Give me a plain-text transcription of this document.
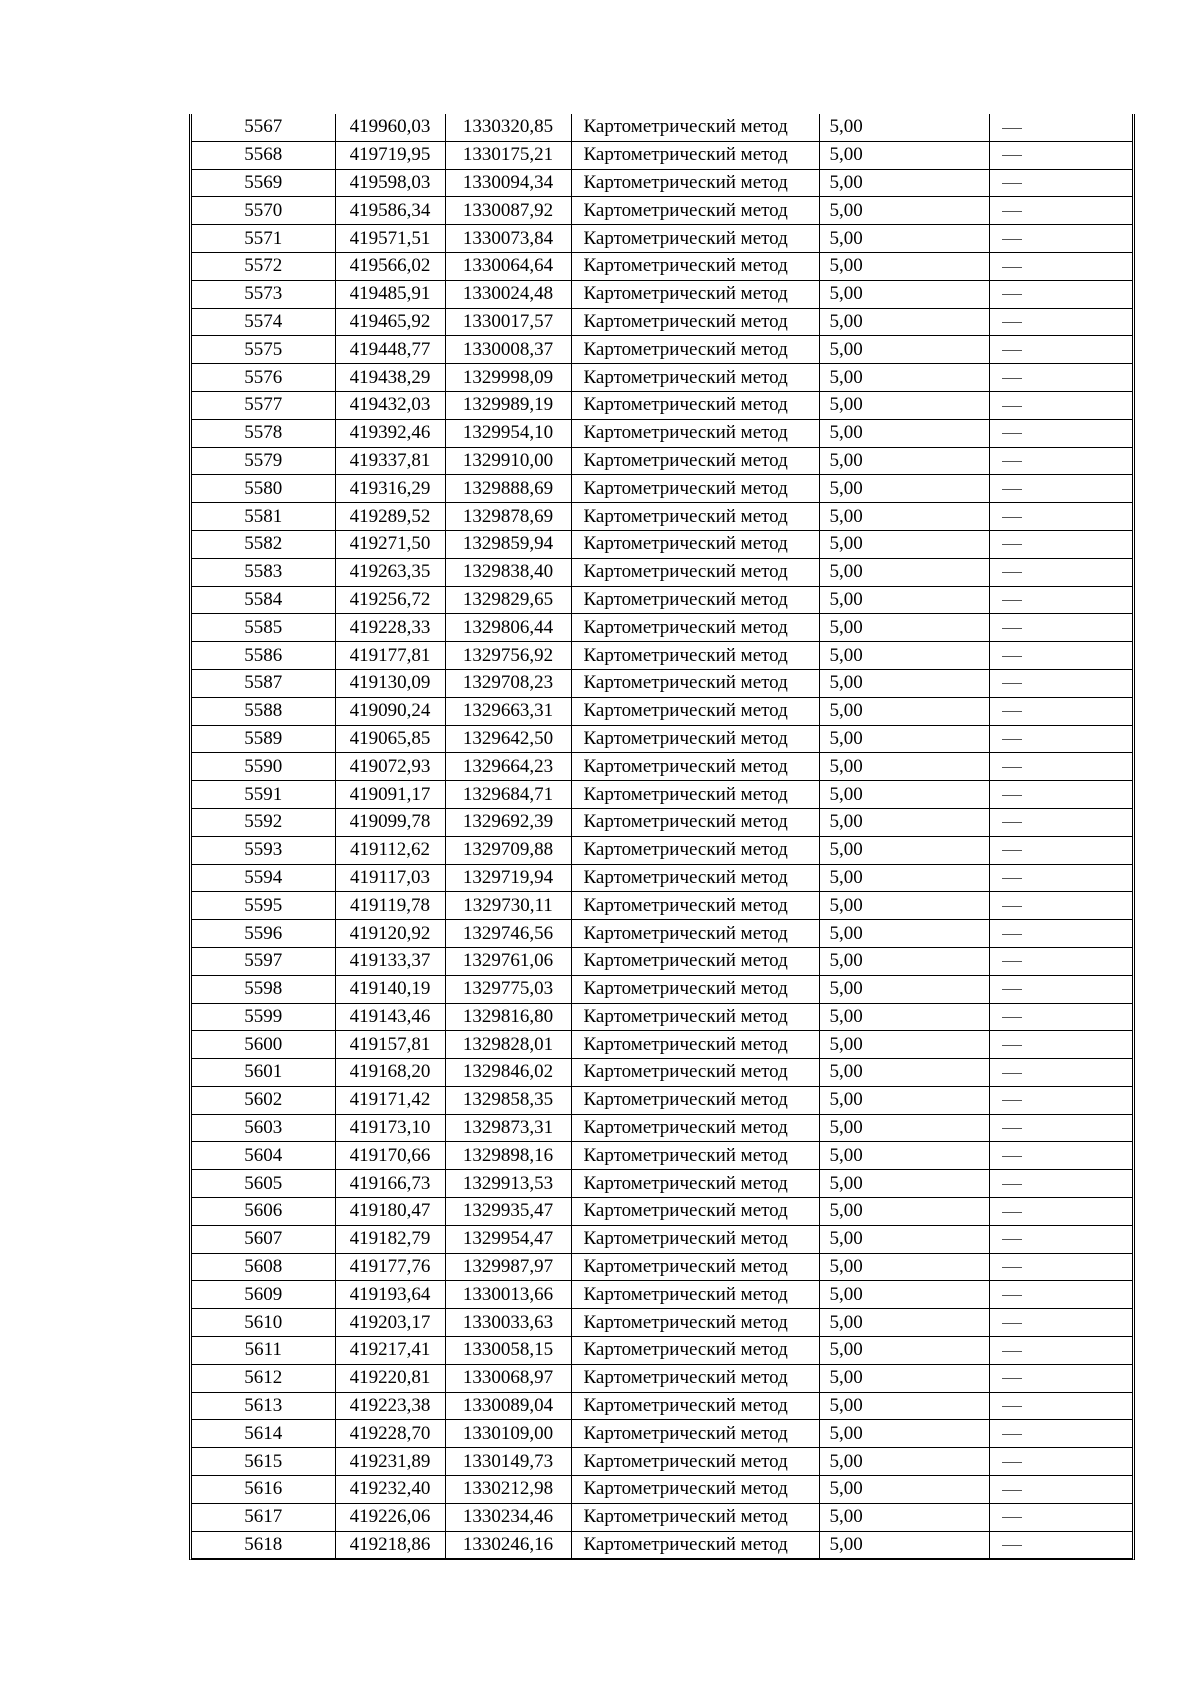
5567	419960,03	1330320,85	Картометрический метод	5,00	
5568	419719,95	1330175,21	Картометрический метод	5,00	
5569	419598,03	1330094,34	Картометрический метод	5,00	
5570	419586,34	1330087,92	Картометрический метод	5,00	
5571	419571,51	1330073,84	Картометрический метод	5,00	
5572	419566,02	1330064,64	Картометрический метод	5,00	
5573	419485,91	1330024,48	Картометрический метод	5,00	
5574	419465,92	1330017,57	Картометрический метод	5,00	
5575	419448,77	1330008,37	Картометрический метод	5,00	
5576	419438,29	1329998,09	Картометрический метод	5,00	
5577	419432,03	1329989,19	Картометрический метод	5,00	
5578	419392,46	1329954,10	Картометрический метод	5,00	
5579	419337,81	1329910,00	Картометрический метод	5,00	
5580	419316,29	1329888,69	Картометрический метод	5,00	
5581	419289,52	1329878,69	Картометрический метод	5,00	
5582	419271,50	1329859,94	Картометрический метод	5,00	
5583	419263,35	1329838,40	Картометрический метод	5,00	
5584	419256,72	1329829,65	Картометрический метод	5,00	
5585	419228,33	1329806,44	Картометрический метод	5,00	
5586	419177,81	1329756,92	Картометрический метод	5,00	
5587	419130,09	1329708,23	Картометрический метод	5,00	
5588	419090,24	1329663,31	Картометрический метод	5,00	
5589	419065,85	1329642,50	Картометрический метод	5,00	
5590	419072,93	1329664,23	Картометрический метод	5,00	
5591	419091,17	1329684,71	Картометрический метод	5,00	
5592	419099,78	1329692,39	Картометрический метод	5,00	
5593	419112,62	1329709,88	Картометрический метод	5,00	
5594	419117,03	1329719,94	Картометрический метод	5,00	
5595	419119,78	1329730,11	Картометрический метод	5,00	
5596	419120,92	1329746,56	Картометрический метод	5,00	
5597	419133,37	1329761,06	Картометрический метод	5,00	
5598	419140,19	1329775,03	Картометрический метод	5,00	
5599	419143,46	1329816,80	Картометрический метод	5,00	
5600	419157,81	1329828,01	Картометрический метод	5,00	
5601	419168,20	1329846,02	Картометрический метод	5,00	
5602	419171,42	1329858,35	Картометрический метод	5,00	
5603	419173,10	1329873,31	Картометрический метод	5,00	
5604	419170,66	1329898,16	Картометрический метод	5,00	
5605	419166,73	1329913,53	Картометрический метод	5,00	
5606	419180,47	1329935,47	Картометрический метод	5,00	
5607	419182,79	1329954,47	Картометрический метод	5,00	
5608	419177,76	1329987,97	Картометрический метод	5,00	
5609	419193,64	1330013,66	Картометрический метод	5,00	
5610	419203,17	1330033,63	Картометрический метод	5,00	
5611	419217,41	1330058,15	Картометрический метод	5,00	
5612	419220,81	1330068,97	Картометрический метод	5,00	
5613	419223,38	1330089,04	Картометрический метод	5,00	
5614	419228,70	1330109,00	Картометрический метод	5,00	
5615	419231,89	1330149,73	Картометрический метод	5,00	
5616	419232,40	1330212,98	Картометрический метод	5,00	
5617	419226,06	1330234,46	Картометрический метод	5,00	
5618	419218,86	1330246,16	Картометрический метод	5,00	
